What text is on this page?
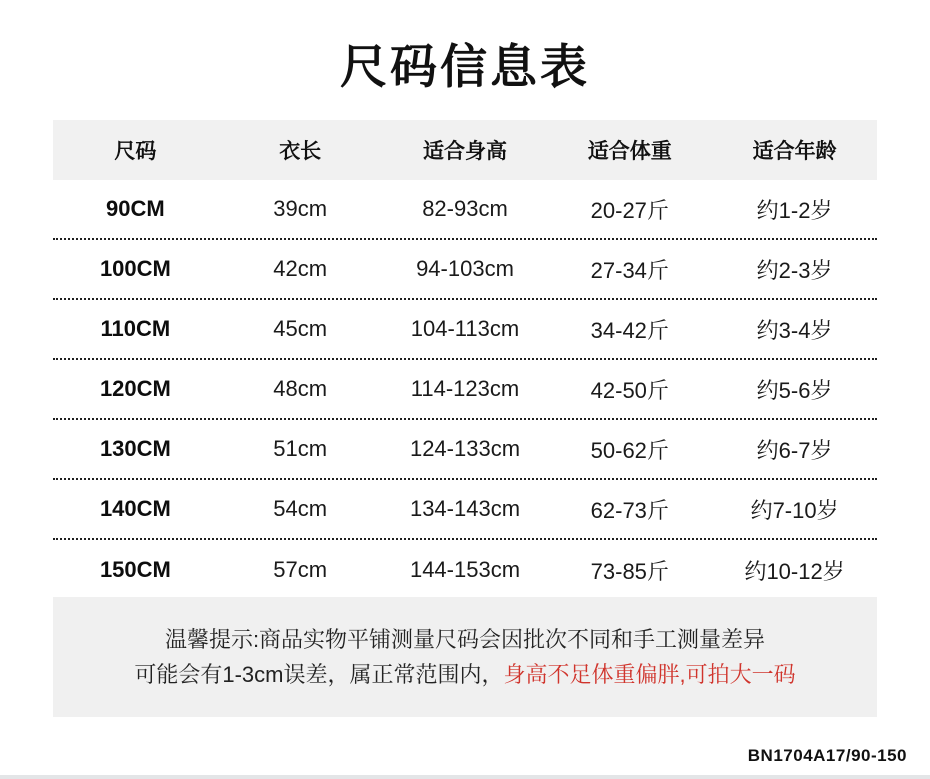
尺码信息表
尺码	衣长	适合身高	适合体重	适合年龄
90CM	39cm	82-93cm	20-27斤	约1-2岁
100CM	42cm	94-103cm	27-34斤	约2-3岁
110CM	45cm	104-113cm	34-42斤	约3-4岁
120CM	48cm	114-123cm	42-50斤	约5-6岁
130CM	51cm	124-133cm	50-62斤	约6-7岁
140CM	54cm	134-143cm	62-73斤	约7-10岁
150CM	57cm	144-153cm	73-85斤	约10-12岁
温馨提示:商品实物平铺测量尺码会因批次不同和手工测量差异
可能会有1-3cm误差，属正常范围内，身高不足体重偏胖,可拍大一码
BN1704A17/90-150
